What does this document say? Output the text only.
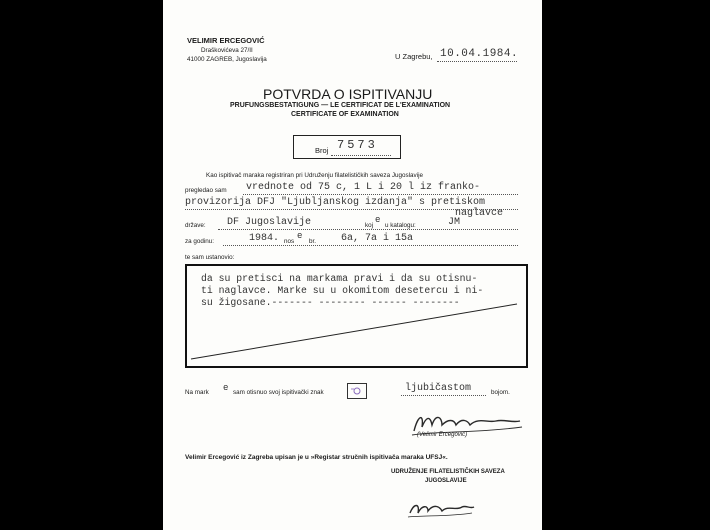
VELIMIR ERCEGOVIĆ
Draškovićeva 27/II
41000 ZAGREB, Jugoslavija	U Zagrebu, 10.04.1984.
POTVRDA O ISPITIVANJU
PRUFUNGSBESTATIGUNG — LE CERTIFICAT DE L'EXAMINATION
CERTIFICATE OF EXAMINATION
Broj 7573
Kao ispitivač maraka registriran pri Udruženju filatelističkih saveza Jugoslavije
pregledao sam vrednote od 75 c, 1 L i 20 l iz franko-
provizorija DFJ "Ljubljanskog izdanja" s pretiskom
naglavce
države: DF Jugoslavije	koj
e
u katalogu:	JM
za godinu:	1984. nos
e
br. 6a, 7a i 15a
te sam ustanovio:
da su pretisci na markama pravi i da su otisnu-
ti naglavce. Marke su u okomitom desetercu i ni-
su žigosane.------- -------- ------ --------
Na mark e sam otisnuo svoj ispitivački znak	ljubičastom	bojom.
(Velimir Ercegović)
Velimir Ercegović iz Zagreba upisan je u »Registar stručnih ispitivača maraka UFSJ«.
UDRUŽENJE FILATELISTIČKIH SAVEZA
JUGOSLAVIJE
